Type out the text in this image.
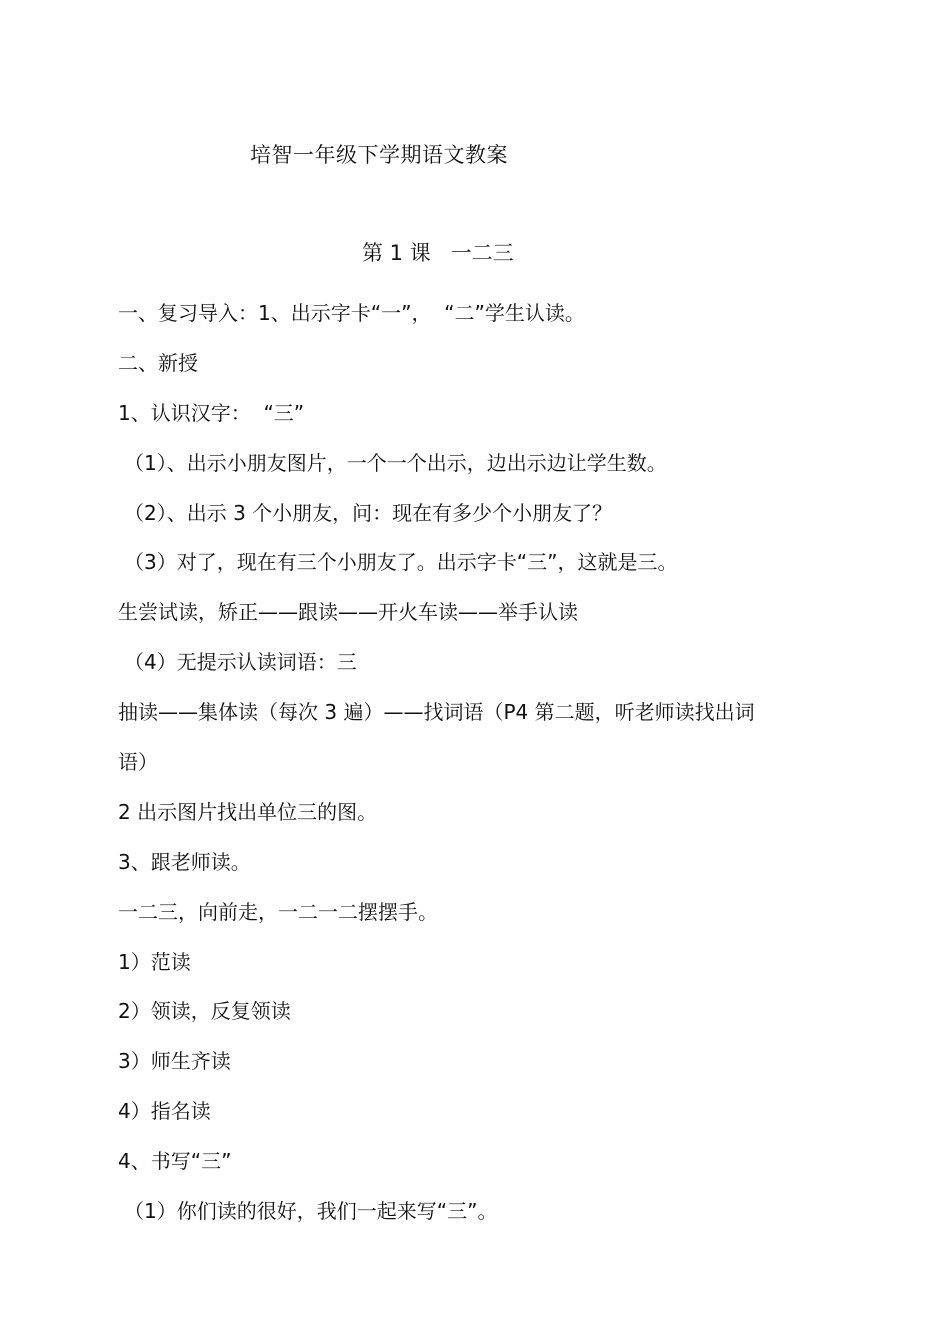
培智一年级下学期语文教案
第 1 课   一二三
一、复习导入：1、出示字卡“一”，  “二”学生认读。
二、新授
1、认识汉字：  “三”
（1）、出示小朋友图片，一个一个出示，边出示边让学生数。
（2）、出示 3 个小朋友，问：现在有多少个小朋友了？
（3）对了，现在有三个小朋友了。出示字卡“三”，这就是三。
生尝试读，矫正——跟读——开火车读——举手认读
（4）无提示认读词语：三
抽读——集体读（每次 3 遍）——找词语（P4 第二题，听老师读找出词
语）
2 出示图片找出单位三的图。
3、跟老师读。
一二三，向前走，一二一二摆摆手。
1）范读
2）领读，反复领读
3）师生齐读
4）指名读
4、书写“三”
（1）你们读的很好，我们一起来写“三”。
